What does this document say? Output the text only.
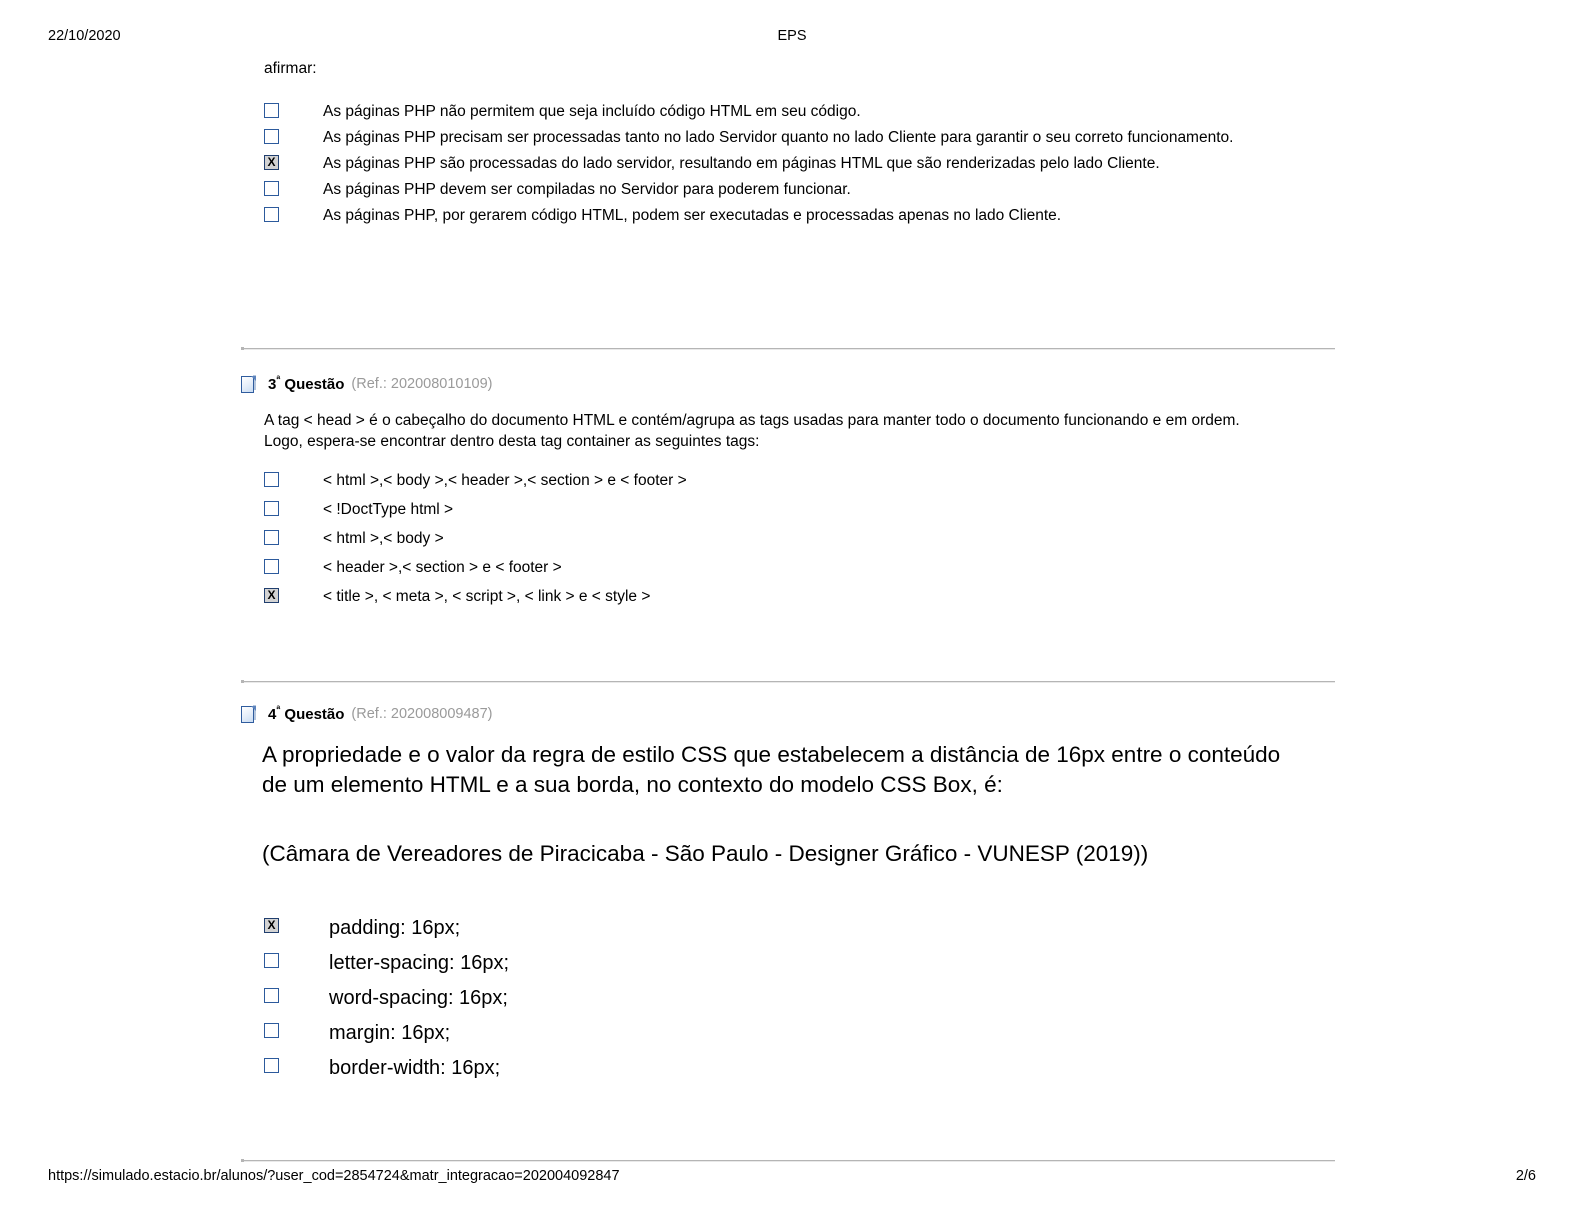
22/10/2020	EPS
afirmar:
As páginas PHP não permitem que seja incluído código HTML em seu código.
As páginas PHP precisam ser processadas tanto no lado Servidor quanto no lado Cliente para garantir o seu correto funcionamento.
X
As páginas PHP são processadas do lado servidor, resultando em páginas HTML que são renderizadas pelo lado Cliente.
As páginas PHP devem ser compiladas no Servidor para poderem funcionar.
As páginas PHP, por gerarem código HTML, podem ser executadas e processadas apenas no lado Cliente.
$3^ª$ Questão (Ref.: 202008010109)
A tag < head > é o cabeçalho do documento HTML e contém/agrupa as tags usadas para manter todo o documento funcionando e em ordem. Logo, espera-se encontrar dentro desta tag container as seguintes tags:
< html >,< body >,< header >,< section > e < footer >
< !DoctType html >
< html >,< body >
< header >,< section > e < footer >
X
< title >, < meta >, < script >, < link > e < style >
$4^ª$ Questão (Ref.: 202008009487)
A propriedade e o valor da regra de estilo CSS que estabelecem a distância de 16px entre o conteúdo de um elemento HTML e a sua borda, no contexto do modelo CSS Box, é:
(Câmara de Vereadores de Piracicaba - São Paulo - Designer Gráfico - VUNESP (2019))
X
padding: 16px;
letter-spacing: 16px;
word-spacing: 16px;
margin: 16px;
border-width: 16px;
https://simulado.estacio.br/alunos/?user_cod=2854724&matr_integracao=202004092847	2/6
